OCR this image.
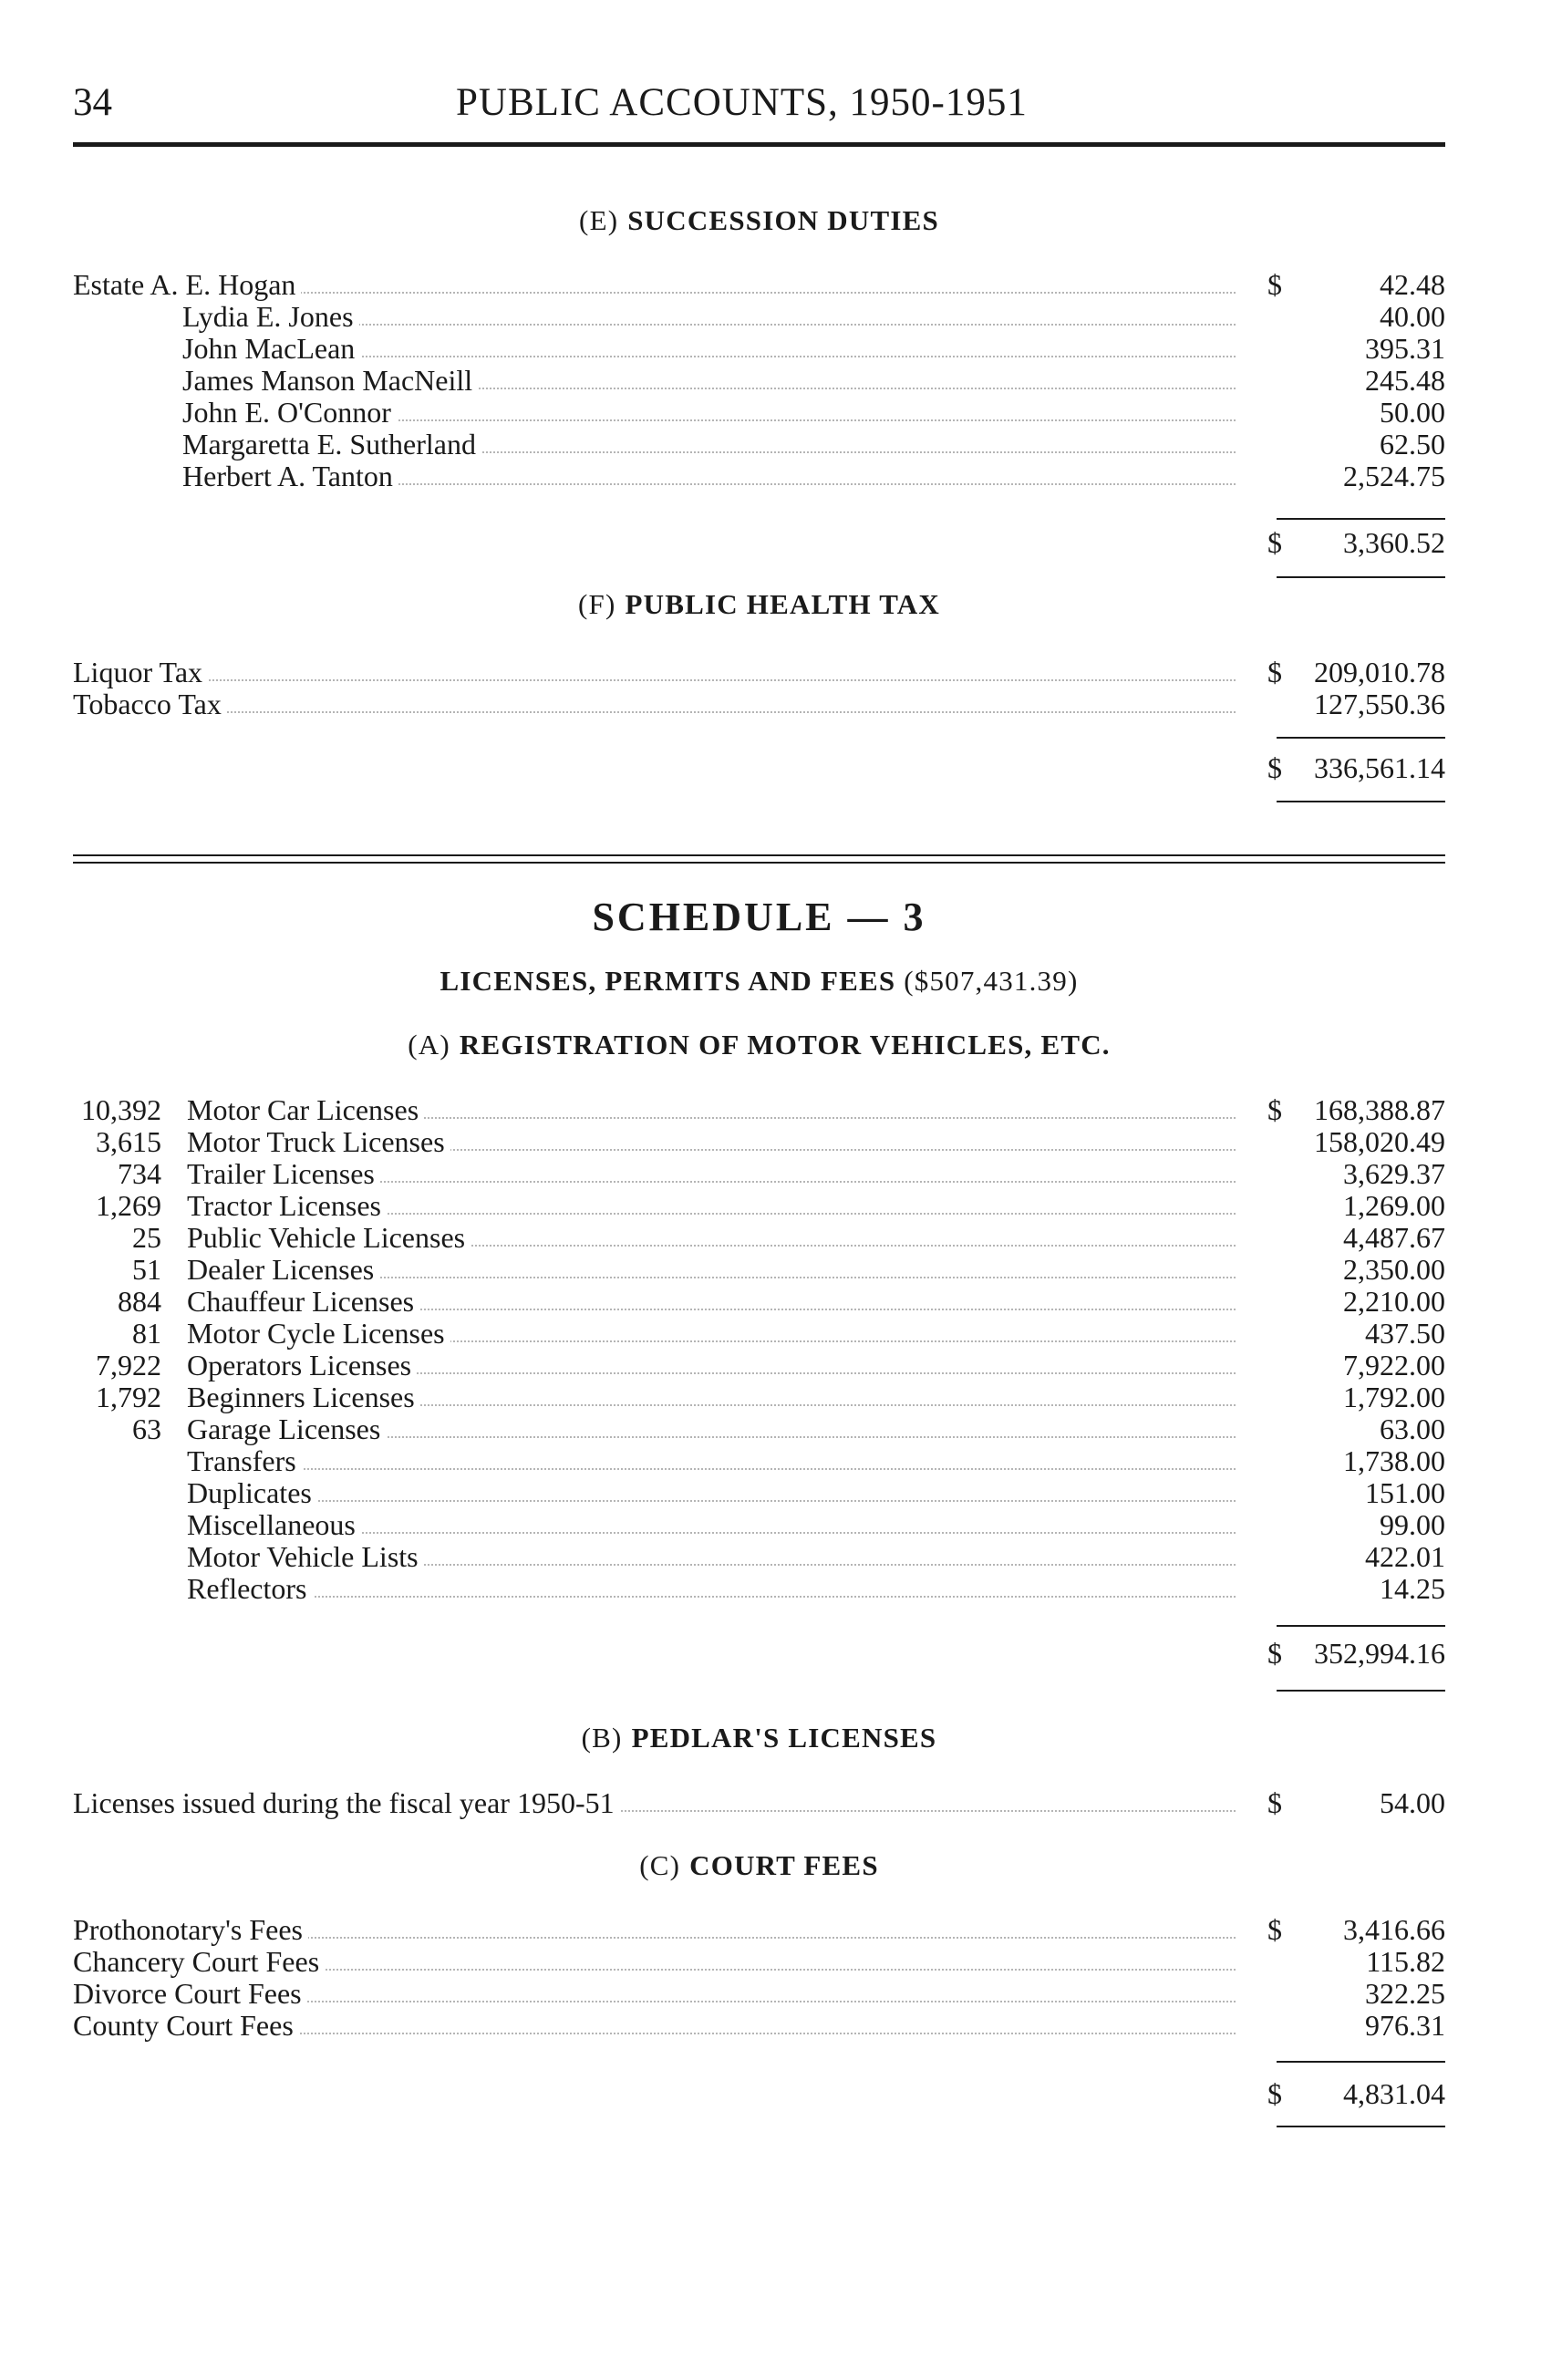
34	PUBLIC ACCOUNTS, 1950-1951
(E) SUCCESSION DUTIES
Estate A. E. Hogan	$	42.48
Lydia E. Jones	40.00
John MacLean	395.31
James Manson MacNeill	245.48
John E. O'Connor	50.00
Margaretta E. Sutherland	62.50
Herbert A. Tanton	2,524.75
$ 3,360.52
(F) PUBLIC HEALTH TAX
Liquor Tax	$ 209,010.78
Tobacco Tax	127,550.36
$ 336,561.14
SCHEDULE — 3
LICENSES, PERMITS AND FEES ($507,431.39)
(A) REGISTRATION OF MOTOR VEHICLES, ETC.
10,392 Motor Car Licenses	$ 168,388.87
3,615 Motor Truck Licenses	158,020.49
734 Trailer Licenses	3,629.37
1,269 Tractor Licenses	1,269.00
25 Public Vehicle Licenses	4,487.67
51 Dealer Licenses	2,350.00
884 Chauffeur Licenses	2,210.00
81 Motor Cycle Licenses	437.50
7,922 Operators Licenses	7,922.00
1,792 Beginners Licenses	1,792.00
63 Garage Licenses	63.00
Transfers	1,738.00
Duplicates	151.00
Miscellaneous	99.00
Motor Vehicle Lists	422.01
Reflectors	14.25
$ 352,994.16
(B) PEDLAR'S LICENSES
Licenses issued during the fiscal year 1950-51	$	54.00
(C) COURT FEES
Prothonotary's Fees	$ 3,416.66
Chancery Court Fees	115.82
Divorce Court Fees	322.25
County Court Fees	976.31
$ 4,831.04
